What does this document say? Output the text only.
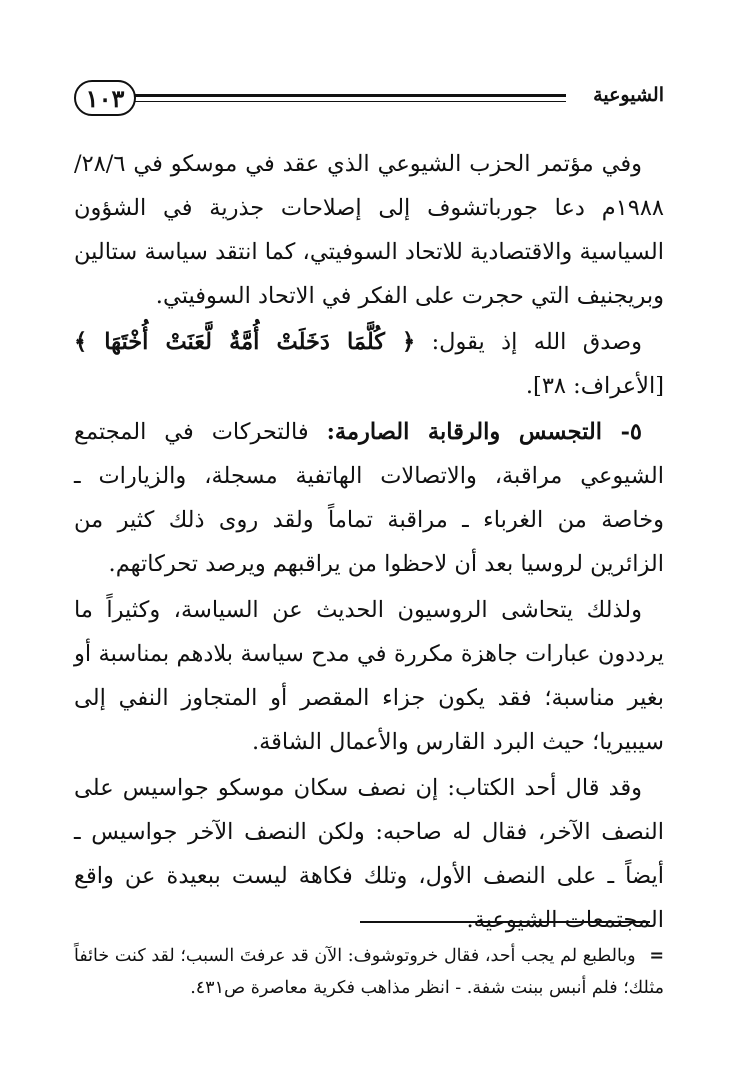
١٠٣	الشيوعية

وفي مؤتمر الحزب الشيوعي الذي عقد في موسكو في ٢٨/٦/ ١٩٨٨م دعا جورباتشوف إلى إصلاحات جذرية في الشؤون السياسية والاقتصادية للاتحاد السوفيتي، كما انتقد سياسة ستالين وبريجنيف التي حجرت على الفكر في الاتحاد السوفيتي.

وصدق الله إذ يقول: ﴿ كُلَّمَا دَخَلَتْ أُمَّةٌ لَّعَنَتْ أُخْتَهَا ﴾ [الأعراف: ٣٨].

٥- التجسس والرقابة الصارمة: فالتحركات في المجتمع الشيوعي مراقبة، والاتصالات الهاتفية مسجلة، والزيارات ـ وخاصة من الغرباء ـ مراقبة تماماً ولقد روى ذلك كثير من الزائرين لروسيا بعد أن لاحظوا من يراقبهم ويرصد تحركاتهم.

ولذلك يتحاشى الروسيون الحديث عن السياسة، وكثيراً ما يرددون عبارات جاهزة مكررة في مدح سياسة بلادهم بمناسبة أو بغير مناسبة؛ فقد يكون جزاء المقصر أو المتجاوز النفي إلى سيبيريا؛ حيث البرد القارس والأعمال الشاقة.

وقد قال أحد الكتاب: إن نصف سكان موسكو جواسيس على النصف الآخر، فقال له صاحبه: ولكن النصف الآخر جواسيس ـ أيضاً ـ على النصف الأول، وتلك فكاهة ليست ببعيدة عن واقع المجتمعات الشيوعية.

= وبالطبع لم يجب أحد، فقال خروتوشوف: الآن قد عرفتَ السبب؛ لقد كنت خائفاً مثلك؛ فلم أنبس ببنت شفة. - انظر مذاهب فكرية معاصرة ص٤٣١.
